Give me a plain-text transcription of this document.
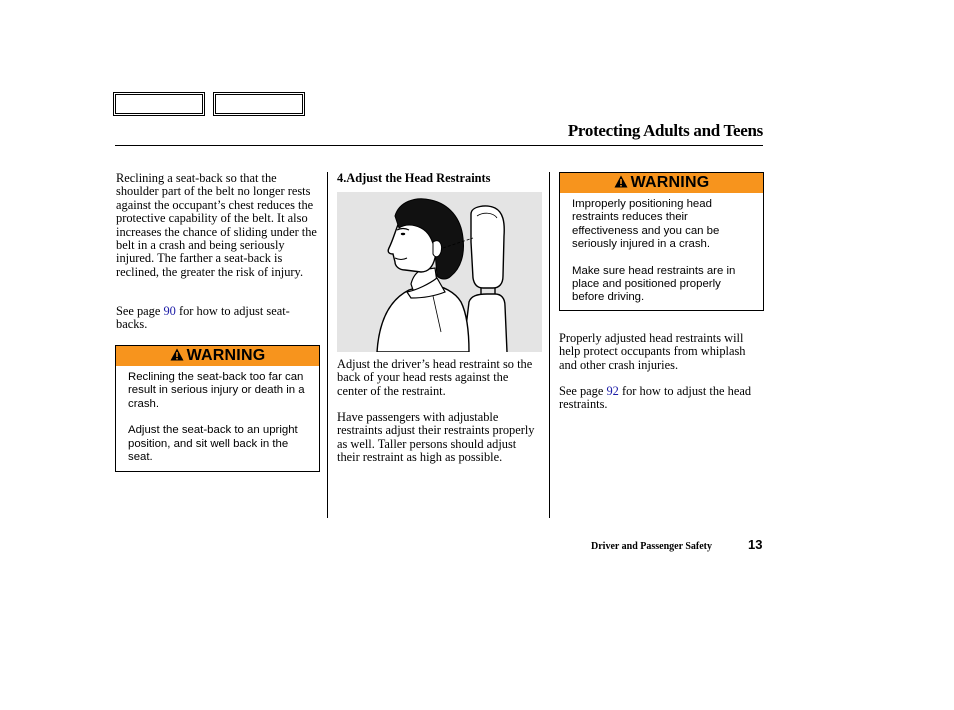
Protecting Adults and Teens

Reclining a seat-back so that the shoulder part of the belt no longer rests against the occupant’s chest reduces the protective capability of the belt. It also increases the chance of sliding under the belt in a crash and being seriously injured. The farther a seat-back is reclined, the greater the risk of injury.

See page 90 for how to adjust seat-backs.

WARNING

Reclining the seat-back too far can result in serious injury or death in a crash.

Adjust the seat-back to an upright position, and sit well back in the seat.

4.Adjust the Head Restraints

Adjust the driver’s head restraint so the back of your head rests against the center of the restraint.

Have passengers with adjustable restraints adjust their restraints properly as well. Taller persons should adjust their restraint as high as possible.

WARNING

Improperly positioning head restraints reduces their effectiveness and you can be seriously injured in a crash.

Make sure head restraints are in place and positioned properly before driving.

Properly adjusted head restraints will help protect occupants from whiplash and other crash injuries.

See page 92 for how to adjust the head restraints.

Driver and Passenger Safety	13
